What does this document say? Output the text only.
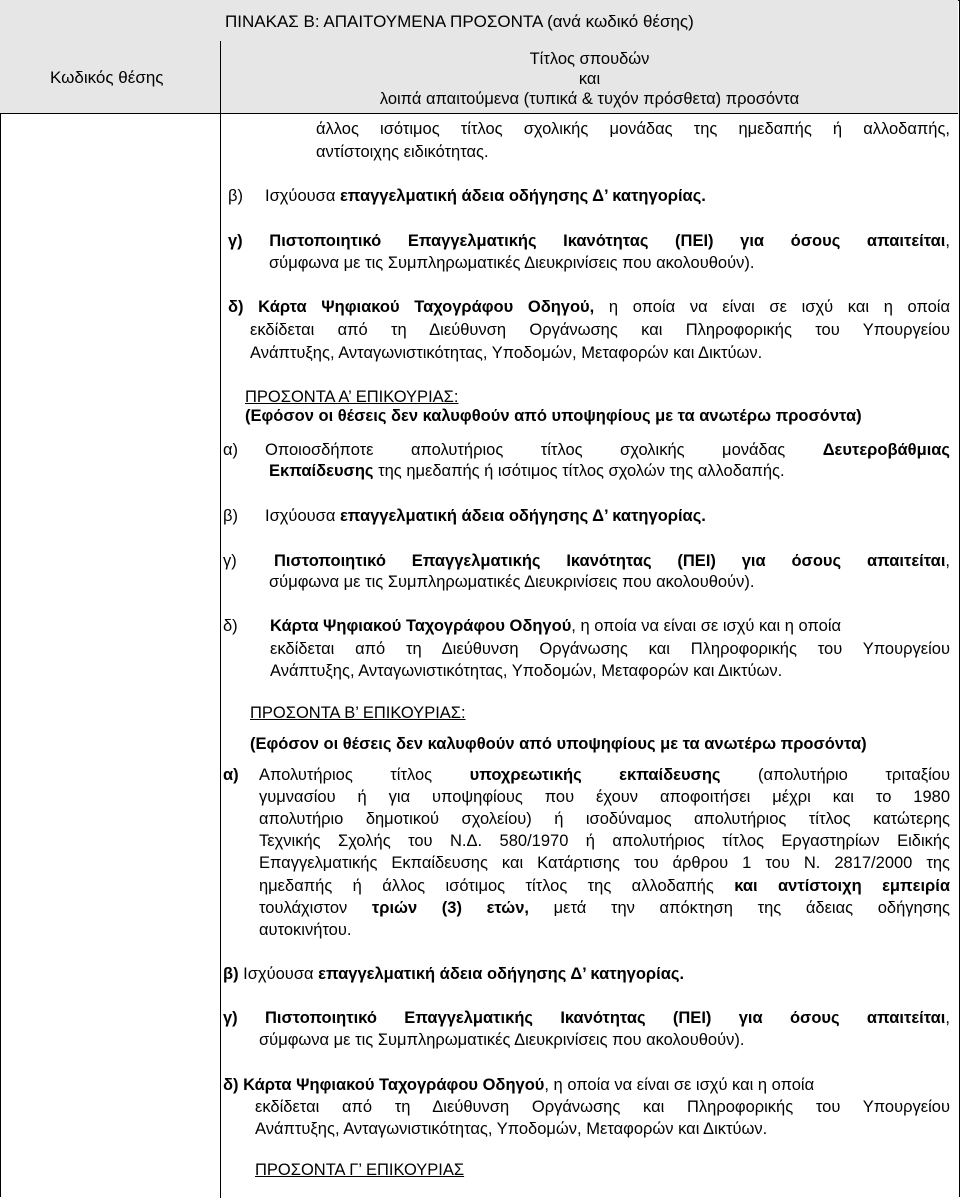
ΠΙΝΑΚΑΣ Β: ΑΠΑΙΤΟΥΜΕΝΑ ΠΡΟΣΟΝΤΑ (ανά κωδικό θέσης)
Κωδικός θέσης
Τίτλος σπουδών
και
λοιπά απαιτούμενα (τυπικά & τυχόν πρόσθετα) προσόντα
άλλος ισότιμος τίτλος σχολικής μονάδας της ημεδαπής ή αλλοδαπής,
αντίστοιχης ειδικότητας.
β) Ισχύουσα επαγγελματική άδεια οδήγησης Δ’ κατηγορίας.
γ) Πιστοποιητικό Επαγγελματικής Ικανότητας (ΠΕΙ) για όσους απαιτείται,
σύμφωνα με τις Συμπληρωματικές Διευκρινίσεις που ακολουθούν).
δ) Κάρτα Ψηφιακού Ταχογράφου Οδηγού, η οποία να είναι σε ισχύ και η οποία
εκδίδεται από τη Διεύθυνση Οργάνωσης και Πληροφορικής του Υπουργείου
Ανάπτυξης, Ανταγωνιστικότητας, Υποδομών, Μεταφορών και Δικτύων.
ΠΡΟΣΟΝΤΑ Α’ ΕΠΙΚΟΥΡΙΑΣ:
(Εφόσον οι θέσεις δεν καλυφθούν από υποψηφίους με τα ανωτέρω προσόντα)
α) Οποιοσδήποτε απολυτήριος τίτλος σχολικής μονάδας Δευτεροβάθμιας
Εκπαίδευσης της ημεδαπής ή ισότιμος τίτλος σχολών της αλλοδαπής.
β) Ισχύουσα επαγγελματική άδεια οδήγησης Δ’ κατηγορίας.
γ) Πιστοποιητικό Επαγγελματικής Ικανότητας (ΠΕΙ) για όσους απαιτείται,
σύμφωνα με τις Συμπληρωματικές Διευκρινίσεις που ακολουθούν).
δ) Κάρτα Ψηφιακού Ταχογράφου Οδηγού, η οποία να είναι σε ισχύ και η οποία
εκδίδεται από τη Διεύθυνση Οργάνωσης και Πληροφορικής του Υπουργείου
Ανάπτυξης, Ανταγωνιστικότητας, Υποδομών, Μεταφορών και Δικτύων.
ΠΡΟΣΟΝΤΑ Β’ ΕΠΙΚΟΥΡΙΑΣ:
(Εφόσον οι θέσεις δεν καλυφθούν από υποψηφίους με τα ανωτέρω προσόντα)
α) Απολυτήριος τίτλος υποχρεωτικής εκπαίδευσης (απολυτήριο τριταξίου
γυμνασίου ή για υποψηφίους που έχουν αποφοιτήσει μέχρι και το 1980
απολυτήριο δημοτικού σχολείου) ή ισοδύναμος απολυτήριος τίτλος κατώτερης
Τεχνικής Σχολής του Ν.Δ. 580/1970 ή απολυτήριος τίτλος Εργαστηρίων Ειδικής
Επαγγελματικής Εκπαίδευσης και Κατάρτισης του άρθρου 1 του Ν. 2817/2000 της
ημεδαπής ή άλλος ισότιμος τίτλος της αλλοδαπής και αντίστοιχη εμπειρία
τουλάχιστον τριών (3) ετών, μετά την απόκτηση της άδειας οδήγησης
αυτοκινήτου.
β) Ισχύουσα επαγγελματική άδεια οδήγησης Δ’ κατηγορίας.
γ) Πιστοποιητικό Επαγγελματικής Ικανότητας (ΠΕΙ) για όσους απαιτείται,
σύμφωνα με τις Συμπληρωματικές Διευκρινίσεις που ακολουθούν).
δ) Κάρτα Ψηφιακού Ταχογράφου Οδηγού, η οποία να είναι σε ισχύ και η οποία
εκδίδεται από τη Διεύθυνση Οργάνωσης και Πληροφορικής του Υπουργείου
Ανάπτυξης, Ανταγωνιστικότητας, Υποδομών, Μεταφορών και Δικτύων.
ΠΡΟΣΟΝΤΑ Γ’ ΕΠΙΚΟΥΡΙΑΣ
